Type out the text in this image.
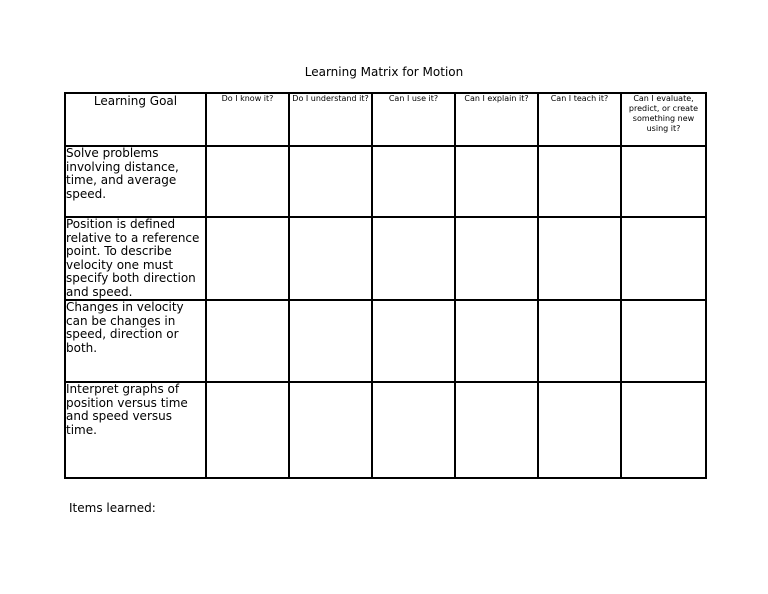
Learning Matrix for Motion
Learning Goal	Do I know it?	Do I understand it?	Can I use it?	Can I explain it?	Can I teach it?	Can I evaluate, predict, or create something new using it?
Solve problems involving distance, time, and average speed.						
Position is defined relative to a reference point. To describe velocity one must specify both direction and speed.						
Changes in velocity can be changes in speed, direction or both.						
Interpret graphs of position versus time and speed versus time.						
Items learned:
